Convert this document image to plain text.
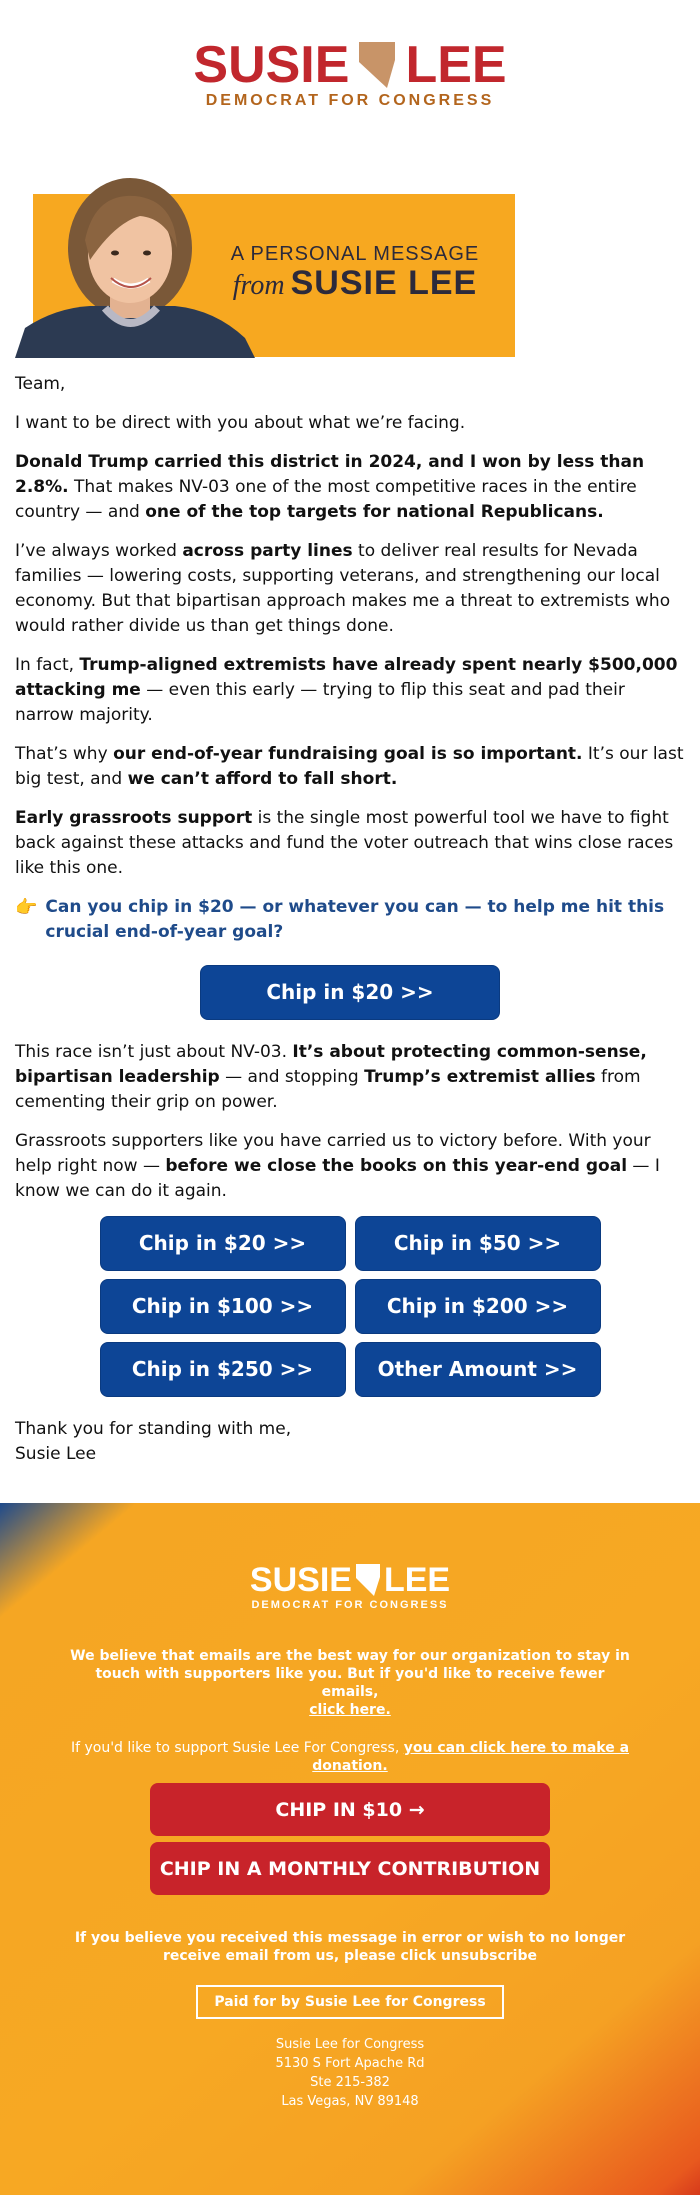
SUSIE LEE
DEMOCRAT FOR CONGRESS
A PERSONAL MESSAGE
from SUSIE LEE

Team,

I want to be direct with you about what we’re facing.

Donald Trump carried this district in 2024, and I won by less than 2.8%. That makes NV-03 one of the most competitive races in the entire country — and one of the top targets for national Republicans.

I’ve always worked across party lines to deliver real results for Nevada families — lowering costs, supporting veterans, and strengthening our local economy. But that bipartisan approach makes me a threat to extremists who would rather divide us than get things done.

In fact, Trump-aligned extremists have already spent nearly $500,000 attacking me — even this early — trying to flip this seat and pad their narrow majority.

That’s why our end-of-year fundraising goal is so important. It’s our last big test, and we can’t afford to fall short.

Early grassroots support is the single most powerful tool we have to fight back against these attacks and fund the voter outreach that wins close races like this one.

👉 Can you chip in $20 — or whatever you can — to help me hit this crucial end-of-year goal?
Chip in $20 >>

This race isn’t just about NV-03. It’s about protecting common-sense, bipartisan leadership — and stopping Trump’s extremist allies from cementing their grip on power.

Grassroots supporters like you have carried us to victory before. With your help right now — before we close the books on this year-end goal — I know we can do it again.

Chip in $20 >>	Chip in $50 >>
Chip in $100 >>	Chip in $200 >>
Chip in $250 >>	Other Amount >>
Thank you for standing with me,
Susie Lee
SUSIE LEE
DEMOCRAT FOR CONGRESS
We believe that emails are the best way for our organization to stay in touch with supporters like you. But if you'd like to receive fewer emails,
click here.
If you'd like to support Susie Lee For Congress, you can click here to make a donation.
CHIP IN $10 →
CHIP IN A MONTHLY CONTRIBUTION
If you believe you received this message in error or wish to no longer receive email from us, please click unsubscribe
Paid for by Susie Lee for Congress
Susie Lee for Congress
5130 S Fort Apache Rd
Ste 215-382
Las Vegas, NV 89148
